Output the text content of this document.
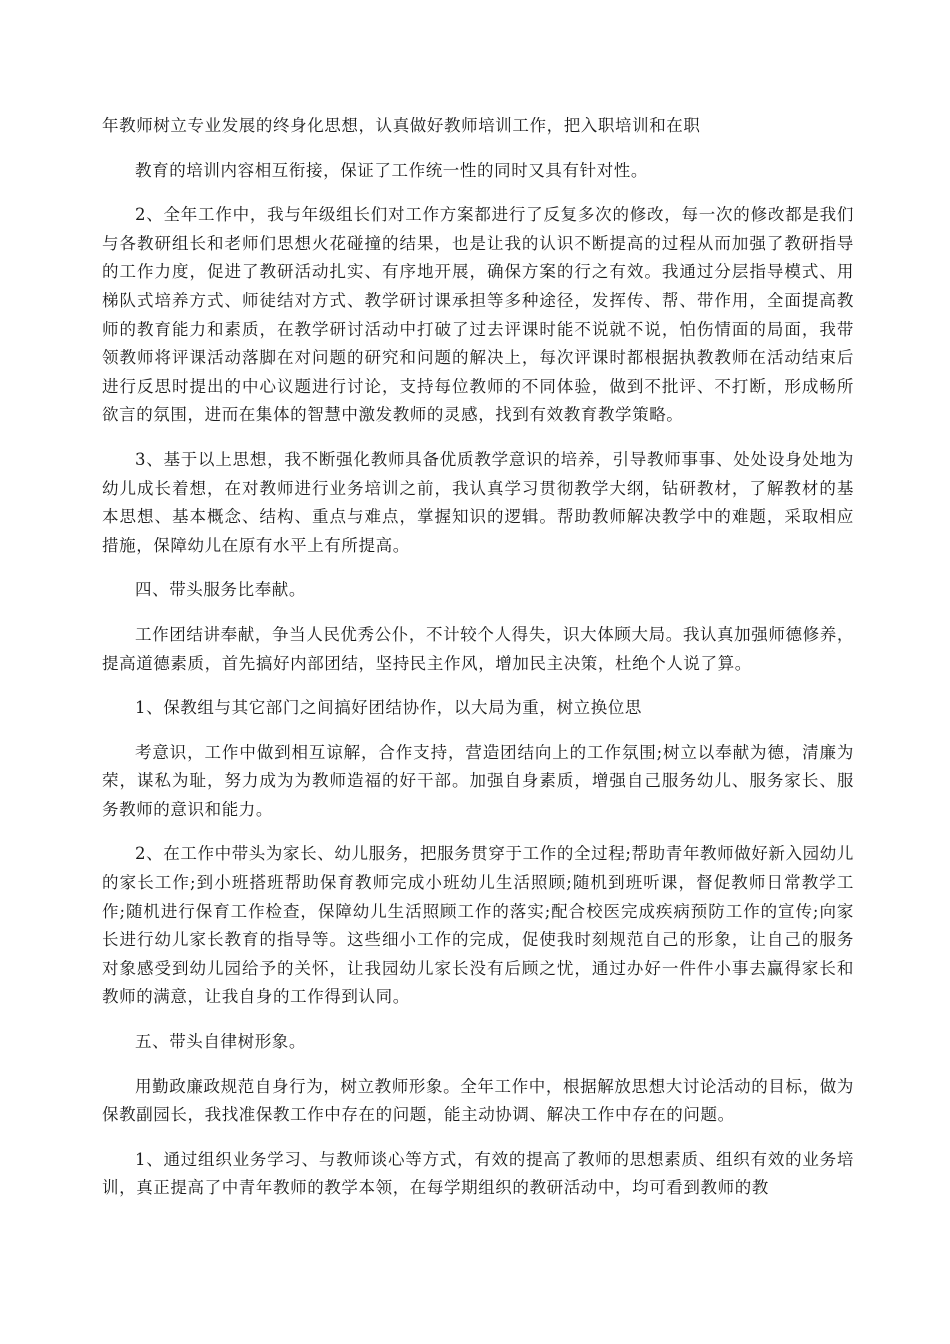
年教师树立专业发展的终身化思想，认真做好教师培训工作，把入职培训和在职

教育的培训内容相互衔接，保证了工作统一性的同时又具有针对性。

2、全年工作中，我与年级组长们对工作方案都进行了反复多次的修改，每一次的修改都是我们与各教研组长和老师们思想火花碰撞的结果，也是让我的认识不断提高的过程从而加强了教研指导的工作力度，促进了教研活动扎实、有序地开展，确保方案的行之有效。我通过分层指导模式、用梯队式培养方式、师徒结对方式、教学研讨课承担等多种途径，发挥传、帮、带作用，全面提高教师的教育能力和素质，在教学研讨活动中打破了过去评课时能不说就不说，怕伤情面的局面，我带领教师将评课活动落脚在对问题的研究和问题的解决上，每次评课时都根据执教教师在活动结束后进行反思时提出的中心议题进行讨论，支持每位教师的不同体验，做到不批评、不打断，形成畅所欲言的氛围，进而在集体的智慧中激发教师的灵感，找到有效教育教学策略。

3、基于以上思想，我不断强化教师具备优质教学意识的培养，引导教师事事、处处设身处地为幼儿成长着想，在对教师进行业务培训之前，我认真学习贯彻教学大纲，钻研教材，了解教材的基本思想、基本概念、结构、重点与难点，掌握知识的逻辑。帮助教师解决教学中的难题，采取相应措施，保障幼儿在原有水平上有所提高。

四、带头服务比奉献。

工作团结讲奉献，争当人民优秀公仆，不计较个人得失，识大体顾大局。我认真加强师德修养，提高道德素质，首先搞好内部团结，坚持民主作风，增加民主决策，杜绝个人说了算。

1、保教组与其它部门之间搞好团结协作，以大局为重，树立换位思

考意识，工作中做到相互谅解，合作支持，营造团结向上的工作氛围;树立以奉献为德，清廉为荣，谋私为耻，努力成为为教师造福的好干部。加强自身素质，增强自己服务幼儿、服务家长、服务教师的意识和能力。

2、在工作中带头为家长、幼儿服务，把服务贯穿于工作的全过程;帮助青年教师做好新入园幼儿的家长工作;到小班搭班帮助保育教师完成小班幼儿生活照顾;随机到班听课，督促教师日常教学工作;随机进行保育工作检查，保障幼儿生活照顾工作的落实;配合校医完成疾病预防工作的宣传;向家长进行幼儿家长教育的指导等。这些细小工作的完成，促使我时刻规范自己的形象，让自己的服务对象感受到幼儿园给予的关怀，让我园幼儿家长没有后顾之忧，通过办好一件件小事去赢得家长和教师的满意，让我自身的工作得到认同。

五、带头自律树形象。

用勤政廉政规范自身行为，树立教师形象。全年工作中，根据解放思想大讨论活动的目标，做为保教副园长，我找准保教工作中存在的问题，能主动协调、解决工作中存在的问题。

1、通过组织业务学习、与教师谈心等方式，有效的提高了教师的思想素质、组织有效的业务培训，真正提高了中青年教师的教学本领，在每学期组织的教研活动中，均可看到教师的教
